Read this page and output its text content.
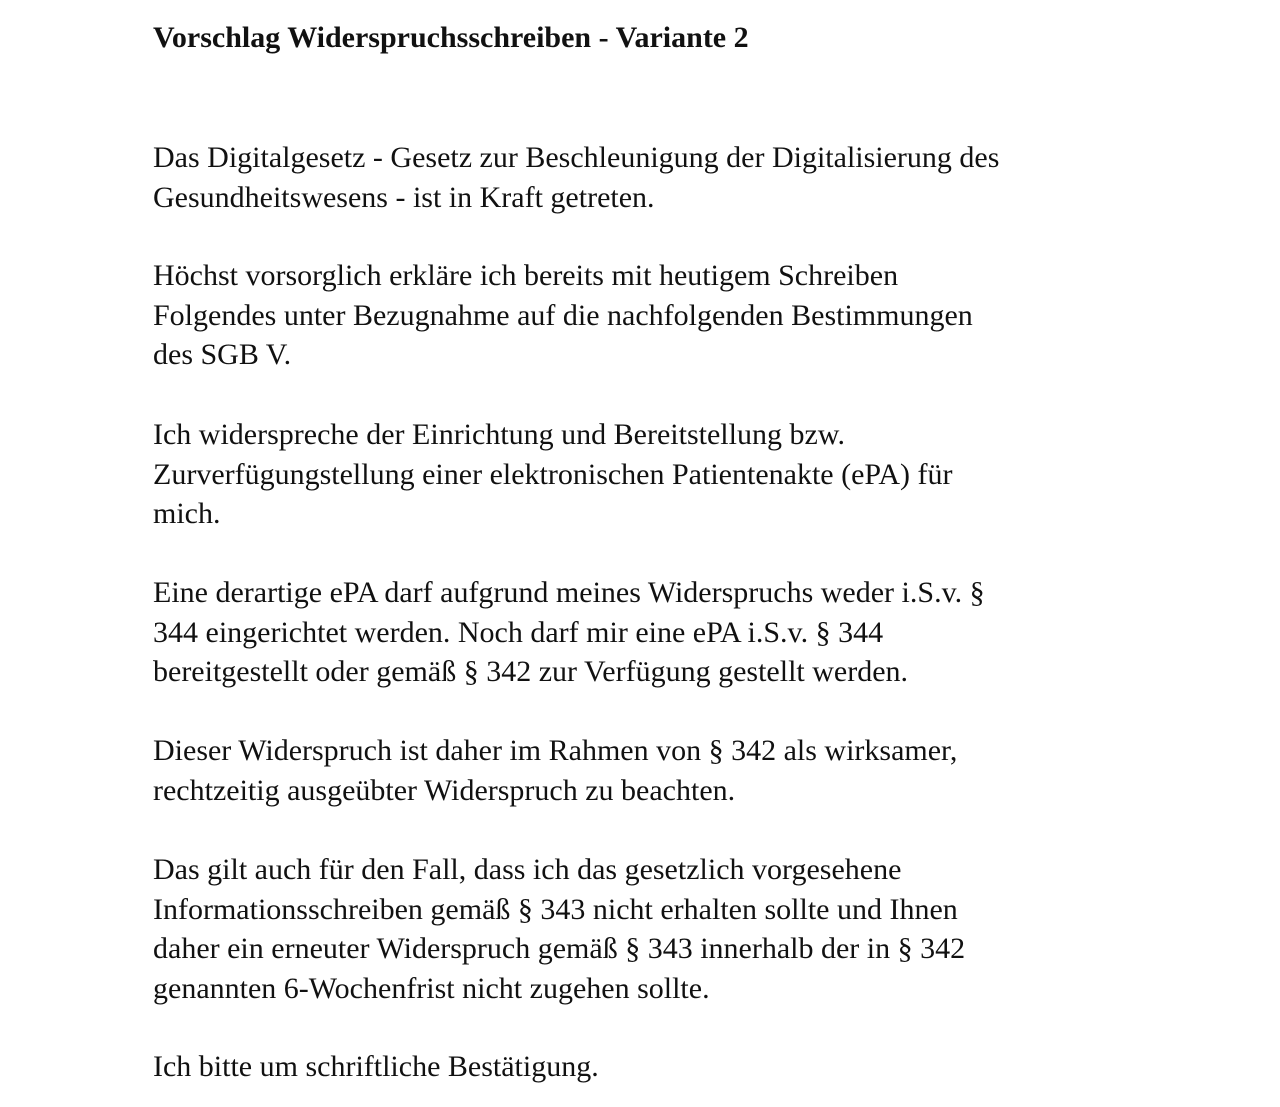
Vorschlag Widerspruchsschreiben - Variante 2

Das Digitalgesetz - Gesetz zur Beschleunigung der Digitalisierung des
Gesundheitswesens - ist in Kraft getreten.

Höchst vorsorglich erkläre ich bereits mit heutigem Schreiben
Folgendes unter Bezugnahme auf die nachfolgenden Bestimmungen
des SGB V.

Ich widerspreche der Einrichtung und Bereitstellung bzw.
Zurverfügungstellung einer elektronischen Patientenakte (ePA) für
mich.

Eine derartige ePA darf aufgrund meines Widerspruchs weder i.S.v. §
344 eingerichtet werden. Noch darf mir eine ePA i.S.v. § 344
bereitgestellt oder gemäß § 342 zur Verfügung gestellt werden.

Dieser Widerspruch ist daher im Rahmen von § 342 als wirksamer,
rechtzeitig ausgeübter Widerspruch zu beachten.

Das gilt auch für den Fall, dass ich das gesetzlich vorgesehene
Informationsschreiben gemäß § 343 nicht erhalten sollte und Ihnen
daher ein erneuter Widerspruch gemäß § 343 innerhalb der in § 342
genannten 6-Wochenfrist nicht zugehen sollte.

Ich bitte um schriftliche Bestätigung.
